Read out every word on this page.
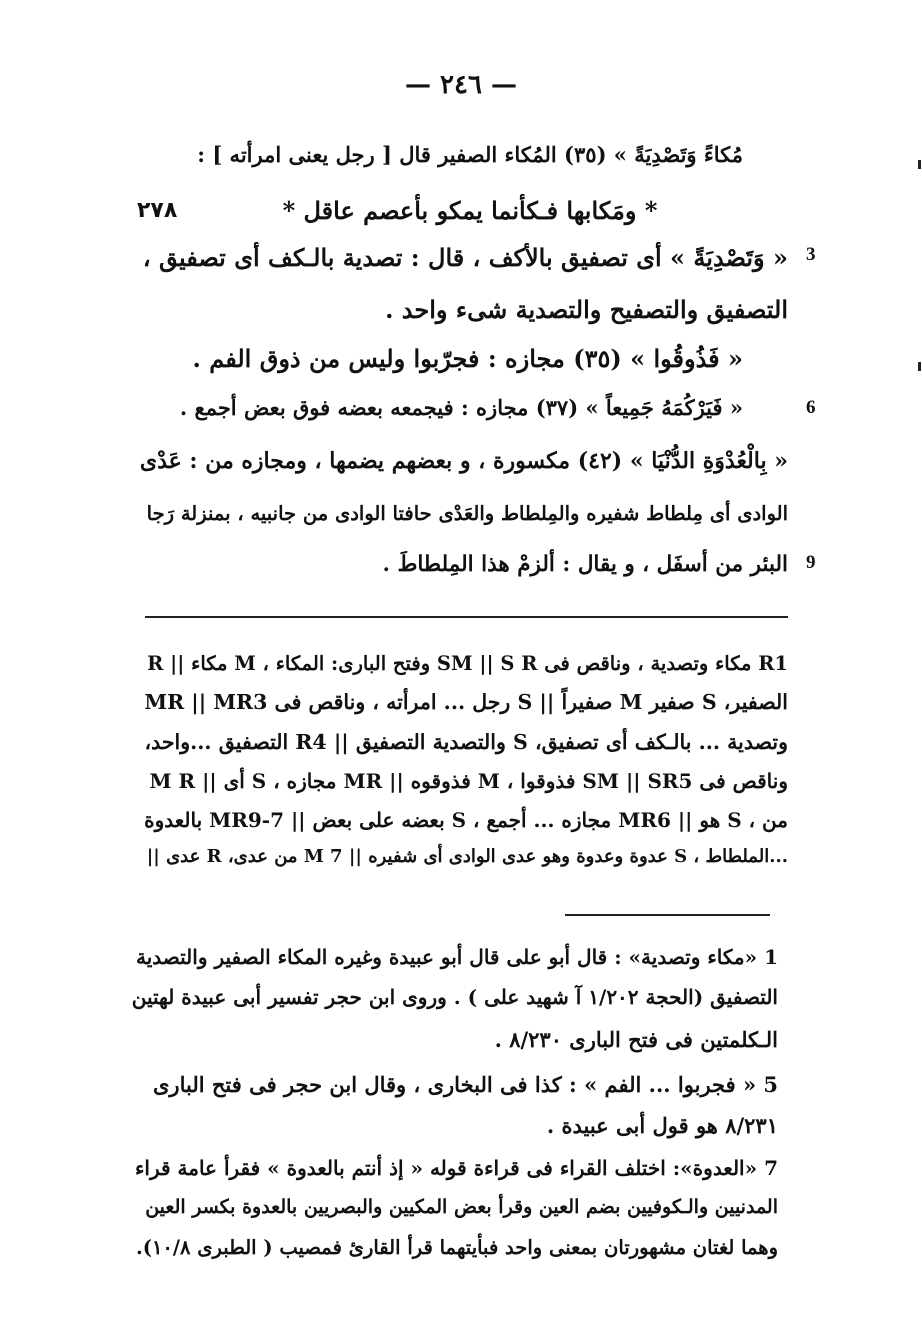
— ٢٤٦ —
مُكاءً وَتَصْدِيَةً » (٣٥) المُكاء الصفير قال [ رجل يعنى امرأته ] :
* ومَكابها فـكأنما يمكو بأعصم عاقل *
٢٧٨
« وَتَصْدِيَةً » أى تصفيق بالأكف ، قال : تصدية بالـكف أى تصفيق ،
التصفيق والتصفيح والتصدية شىء واحد .
« فَذُوقُوا » (٣٥) مجازه : فجرّبوا وليس من ذوق الفم .
« فَيَرْكُمَهُ جَمِيعاً » (٣٧) مجازه : فيجمعه بعضه فوق بعض أجمع .
« بِالْعُدْوَةِ الدُّنْيَا » (٤٢) مكسورة ، و بعضهم يضمها ، ومجازه من : عَدْى
الوادى أى مِلطاط شفيره والمِلطاط والعَدْى حافتا الوادى من جانبيه ، بمنزلة رَجا
البئر من أسفَل ، و يقال : ألزمْ هذا المِلطاطَ .
3
6
9
R1 مكاء وتصدية ، وناقص فى SM || S R وفتح البارى: المكاء ، M مكاء || R
الصفير، S صفير M صفيراً || S رجل ... امرأته ، وناقص فى MR || MR3
وتصدية ... بالـكف أى تصفيق، S والتصدية التصفيق || R4 التصفيق ...واحد،
وناقص فى SM || SR5 فذوقوا ، M فذوقوه || MR مجازه ، S أى || M R
من ، S هو || MR6 مجازه ... أجمع ، S بعضه على بعض || MR9-7 بالعدوة
...الملطاط ، S عدوة وعدوة وهو عدى الوادى أى شفيره || 7 M من عدى، R عدى ||
1 «مكاء وتصدية» : قال أبو على قال أبو عبيدة وغيره المكاء الصفير والتصدية
التصفيق (الحجة ١/٢٠٢ آ شهيد على ) . وروى ابن حجر تفسير أبى عبيدة لهتين
الـكلمتين فى فتح البارى ٨/٢٣٠ .
5 « فجربوا ... الفم » : كذا فى البخارى ، وقال ابن حجر فى فتح البارى
٨/٢٣١ هو قول أبى عبيدة .
7 «العدوة»: اختلف القراء فى قراءة قوله « إذ أنتم بالعدوة » فقرأ عامة قراء
المدنيين والـكوفيين بضم العين وقرأ بعض المكيين والبصريين بالعدوة بكسر العين
وهما لغتان مشهورتان بمعنى واحد فبأيتهما قرأ القارئ فمصيب ( الطبرى ١٠/٨).
